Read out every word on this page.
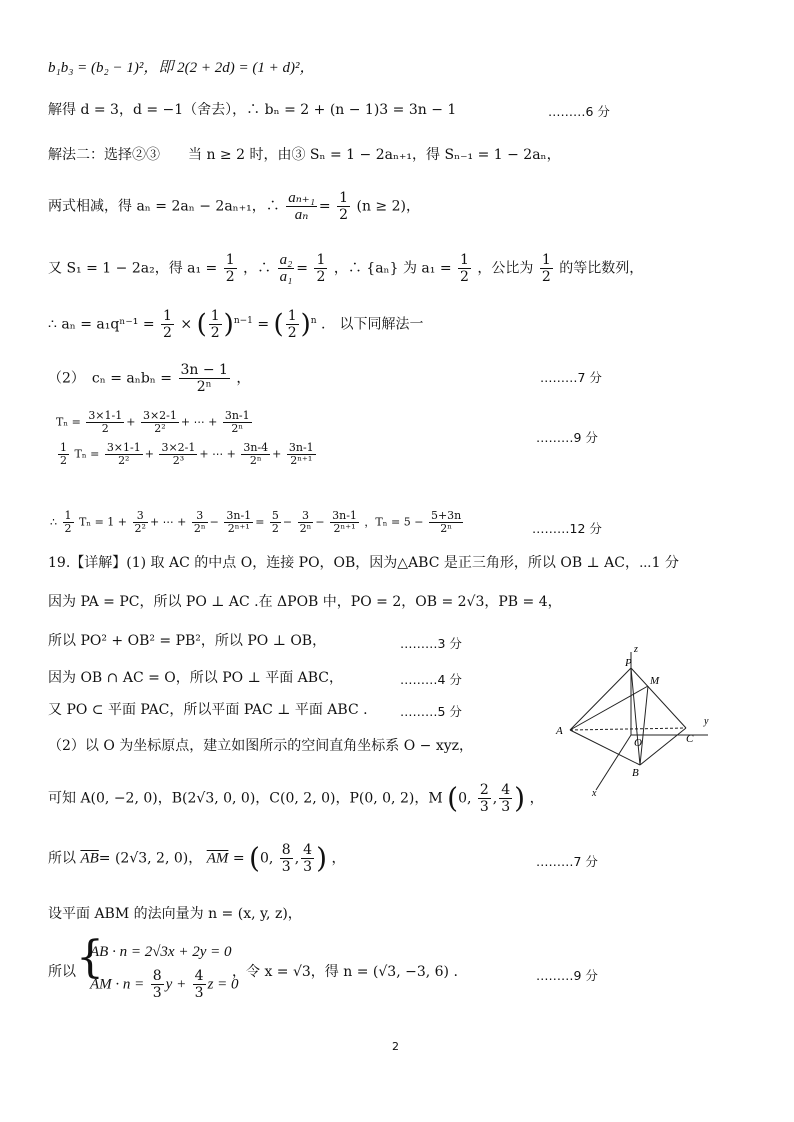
b₁b₃ = (b₂ − 1)²，即 2(2 + 2d) = (1 + d)²，
解得 d = 3，d = −1（舍去），∴ bₙ = 2 + (n − 1)3 = 3n − 1	………6 分
解法二：选择②③　　当 n ≥ 2 时，由③ Sₙ = 1 − 2aₙ₊₁，得 Sₙ₋₁ = 1 − 2aₙ，
两式相减，得 aₙ = 2aₙ − 2aₙ₊₁，∴ $\frac{\text{aₙ₊₁}}{\text{aₙ}} = \frac{1}{2} (n \ge 2)$，
又 S₁ = 1 − 2a₂，得 $a_1 = \frac{1}{2}$ ，∴ $\frac{\text{a₂}}{\text{a₁}} = \frac{1}{2}$ ，∴ {aₙ} 为 $a_1 = \frac{1}{2}$ ，公比为 $\frac{1}{2}$ 的等比数列，
∴ $a_n = a_1q^{n-1} = \frac{1}{2}$ × ( $\frac{1}{2} )^{n-1}$ = ( $\frac{1}{2} )^n$ .　以下同解法一
（2）　$c_n = a_nb_n = \frac{3n - 1}{\text{2ⁿ}}$ ，	………7 分
$T_n = \frac{3\times 1-1}{2} + \frac{3\times 2-1}{\text{2²}}$ + ⋯ + $\frac{3n-1}{\text{2ⁿ}}$
………9 分
$\frac{1}{2}$ $T_n = \frac{3\times 1-1}{\text{2²}} + \frac{3\times 2-1}{\text{2³}}$ + ⋯ + $\frac{3n-4}{\text{2ⁿ}} + \frac{3n-1}{\text{2ⁿ⁺¹}}$
∴ $\frac{1}{2}$ $T_n = 1 + \frac{3}{\text{2²}}$ + ⋯ + $\frac{3}{\text{2ⁿ}} - \frac{3n-1}{\text{2ⁿ⁺¹}} = \frac{5}{2} - \frac{3}{\text{2ⁿ}} - \frac{3n-1}{\text{2ⁿ⁺¹}}$ ，$T_n = 5 - \frac{5+3n}{\text{2ⁿ}}$	………12 分
19.【详解】(1) 取 AC 的中点 O，连接 PO，OB，因为△ABC 是正三角形，所以 OB ⊥ AC，⋯1 分
因为 PA = PC，所以 PO ⊥ AC .在 ΔPOB 中，PO = 2，OB = 2√3，PB = 4，
所以 PO² + OB² = PB²，所以 PO ⊥ OB，	………3 分
因为 OB ∩ AC = O，所以 PO ⊥ 平面 ABC，	………4 分
又 PO ⊂ 平面 PAC，所以平面 PAC ⊥ 平面 ABC .	………5 分
（2）以 O 为坐标原点，建立如图所示的空间直角坐标系 O − xyz，
可知 A(0, −2, 0)，B(2√3, 0, 0)，C(0, 2, 0)，P(0, 0, 2)，M (0, $\frac{2}{3}$ , $\frac{4}{3}$ ) ，
所以 $\overline{AB}= (2√3$, 2, 0)， $\overline{AM} = (0$, $\frac{8}{3}$ , $\frac{4}{3}$ ) ，	………7 分
设平面 ABM 的法向量为 n = (x, y, z)，
所以 {
AB · n = 2√3x + 2y = 0
AM · $n = \frac{8}{3}$ $y + \frac{4}{3}$ z = 0
，令 x = √3，得 n = (√3, −3, 6) .	………9 分
P
z
M
y
A
O	C
B
x
2
